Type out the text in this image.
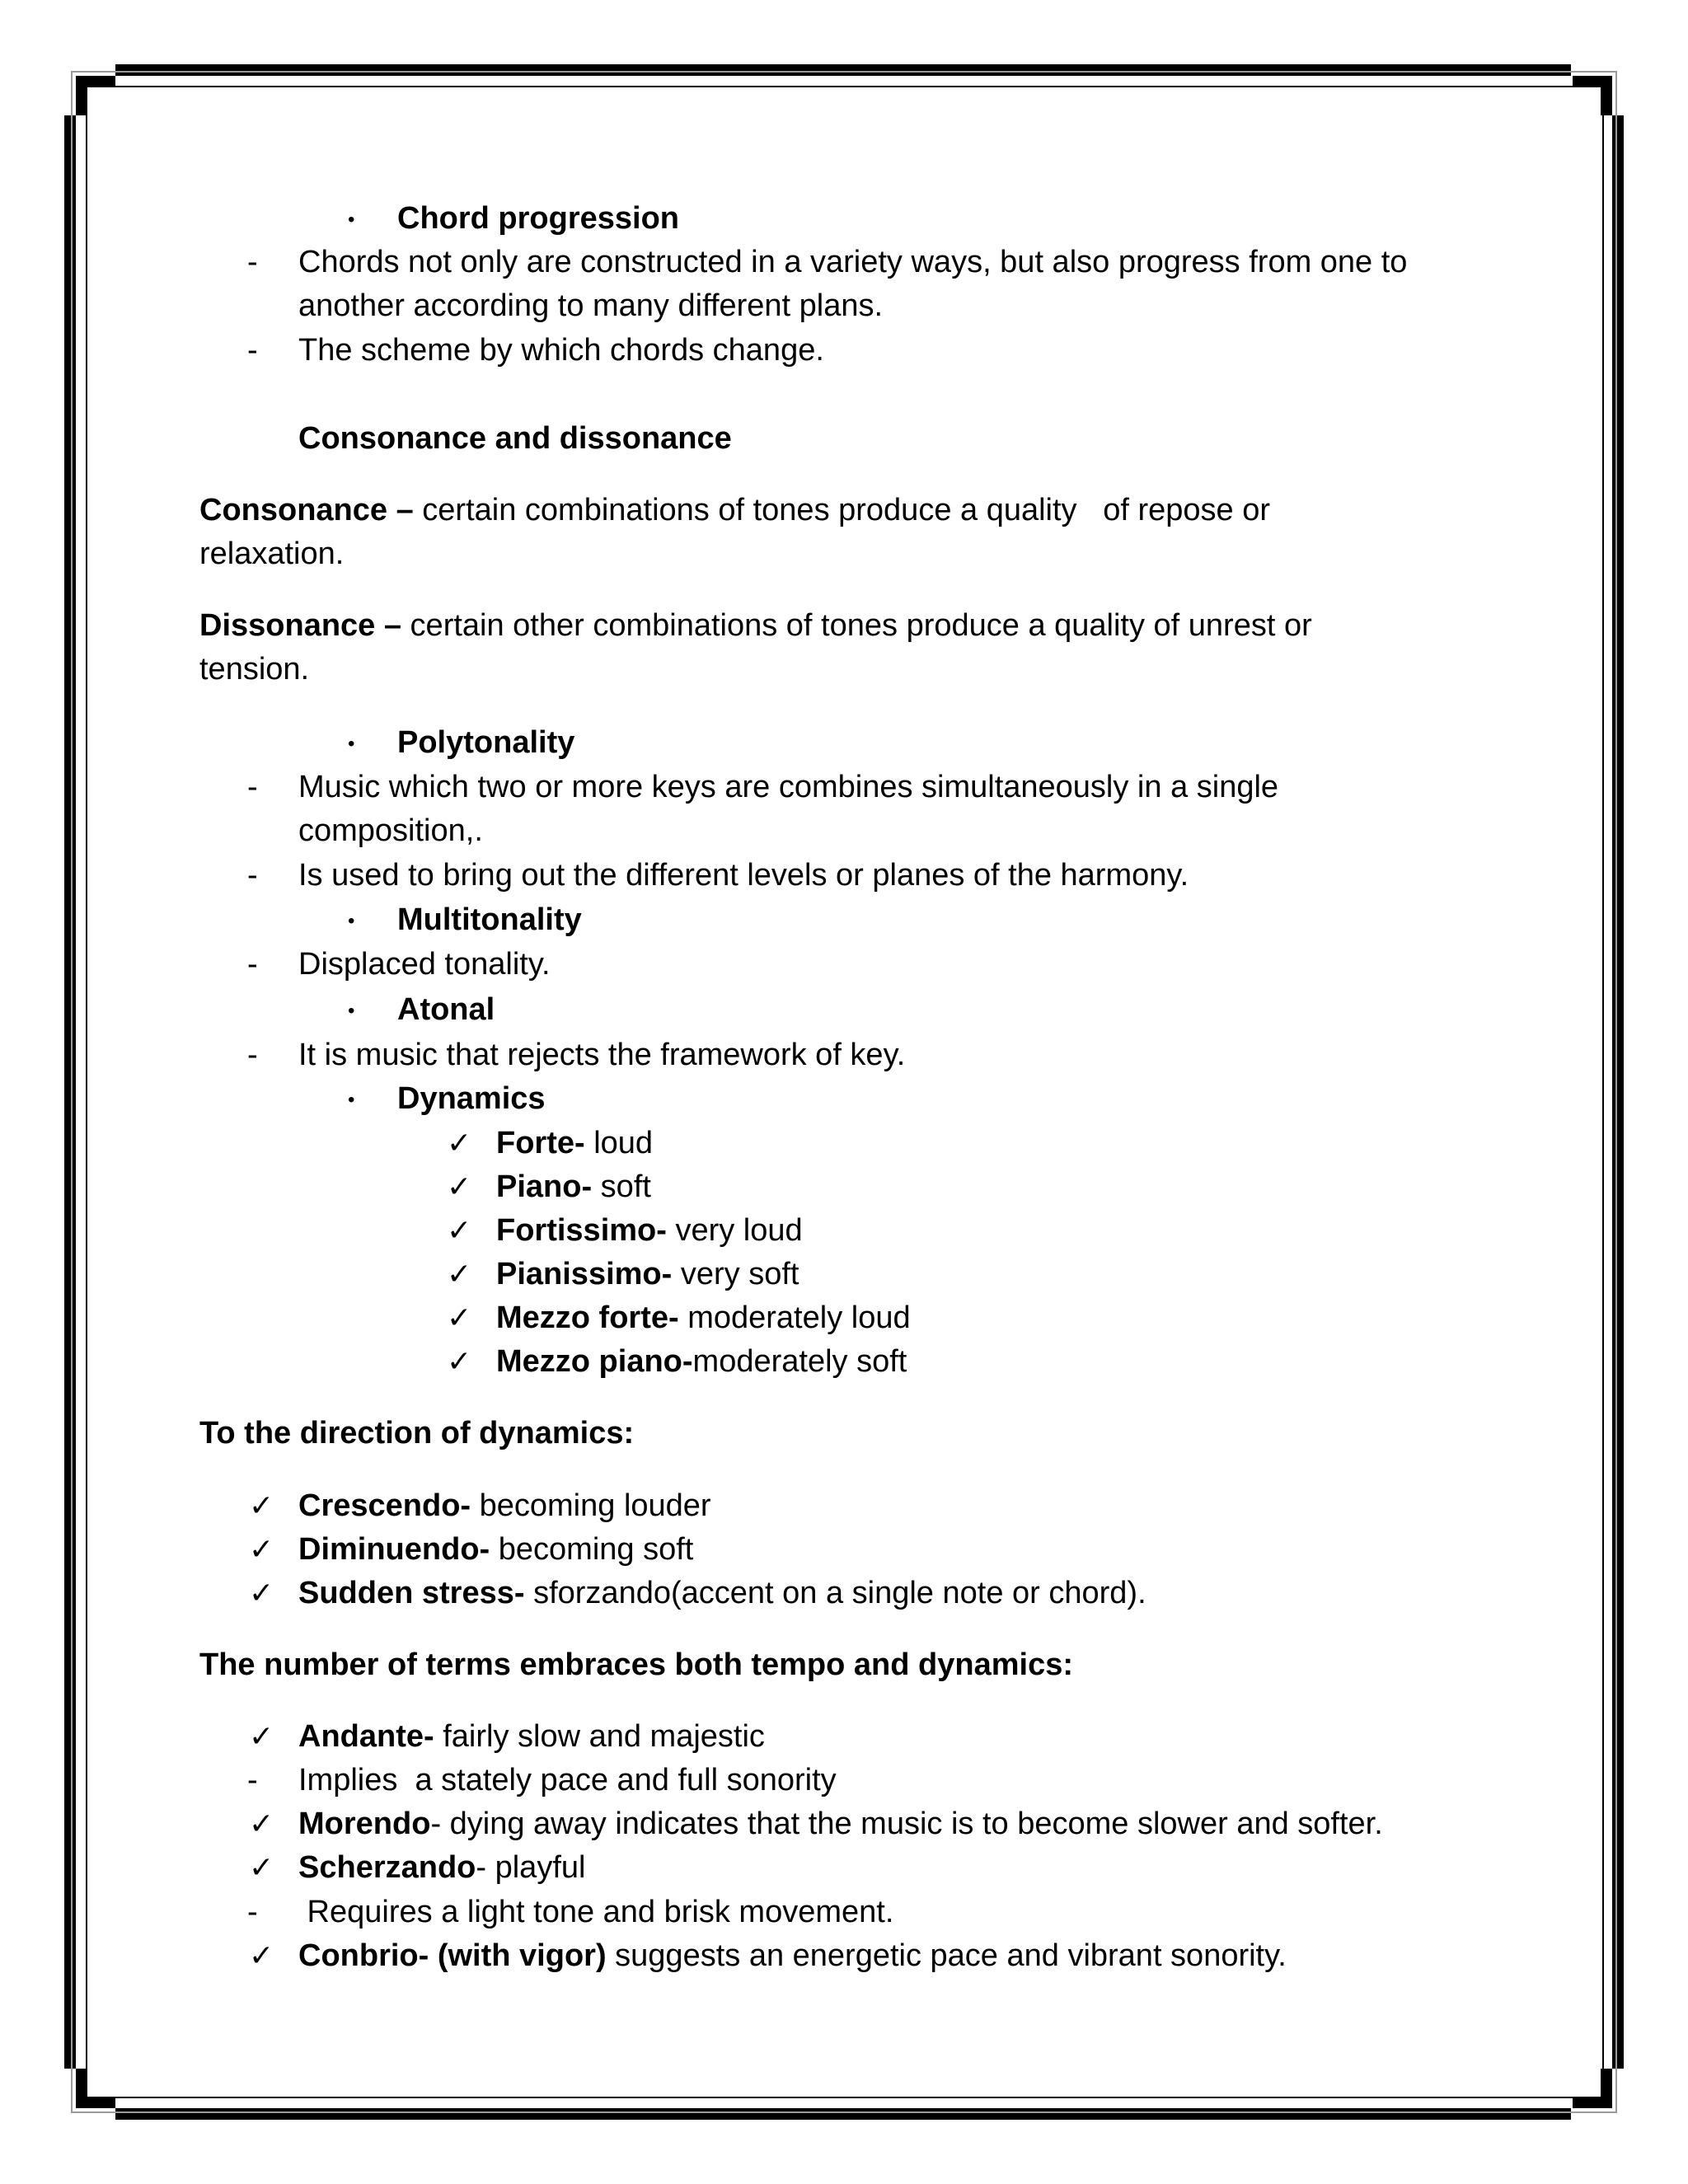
• Chord progression
- Chords not only are constructed in a variety ways, but also progress from one to
another according to many different plans.
- The scheme by which chords change.
Consonance and dissonance
Consonance – certain combinations of tones produce a quality   of repose or
relaxation.
Dissonance – certain other combinations of tones produce a quality of unrest or
tension.
• Polytonality
- Music which two or more keys are combines simultaneously in a single
composition,.
- Is used to bring out the different levels or planes of the harmony.
• Multitonality
- Displaced tonality.
• Atonal
- It is music that rejects the framework of key.
• Dynamics
✓ Forte- loud
✓ Piano- soft
✓ Fortissimo- very loud
✓ Pianissimo- very soft
✓ Mezzo forte- moderately loud
✓ Mezzo piano-moderately soft
To the direction of dynamics:
✓ Crescendo- becoming louder
✓ Diminuendo- becoming soft
✓ Sudden stress- sforzando(accent on a single note or chord).
The number of terms embraces both tempo and dynamics:
✓ Andante- fairly slow and majestic
- Implies  a stately pace and full sonority
✓ Morendo- dying away indicates that the music is to become slower and softer.
✓ Scherzando- playful
- Requires a light tone and brisk movement.
✓ Conbrio- (with vigor) suggests an energetic pace and vibrant sonority.
